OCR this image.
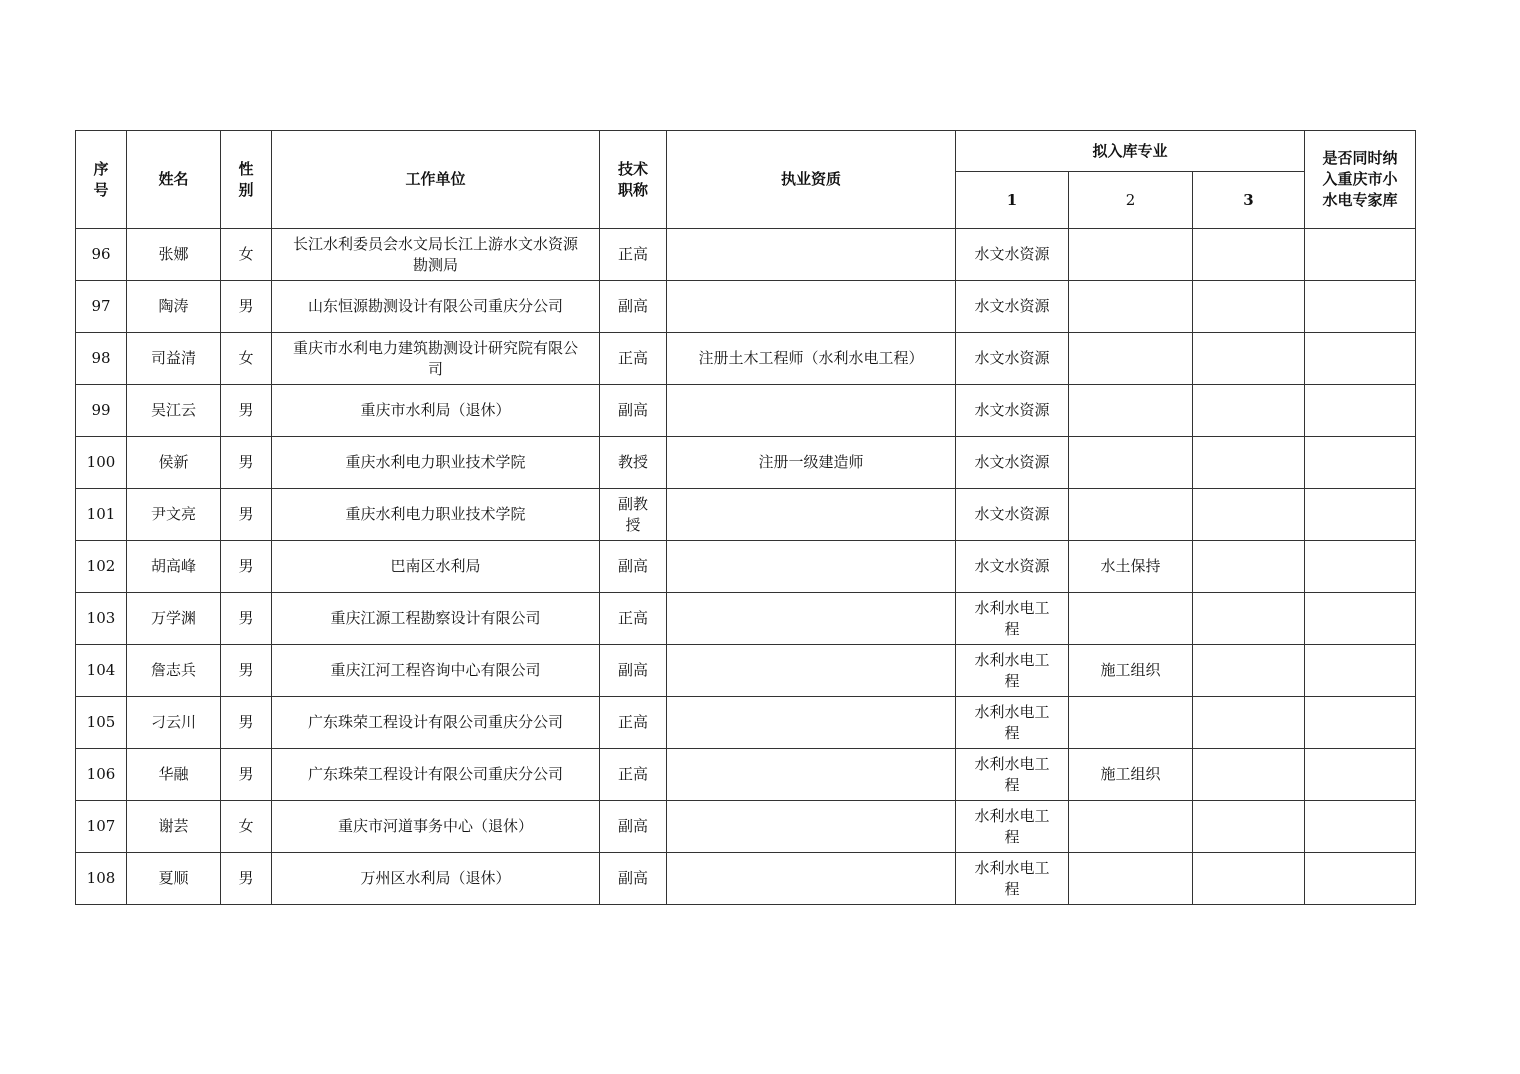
序号	姓名	性别	工作单位	技术职称	执业资质	拟入库专业			是否同时纳入重庆市小水电专家库
						1	2	3	
96	张娜	女	长江水利委员会水文局长江上游水文水资源勘测局	正高		水文水资源			
97	陶涛	男	山东恒源勘测设计有限公司重庆分公司	副高		水文水资源			
98	司益清	女	重庆市水利电力建筑勘测设计研究院有限公司	正高	注册土木工程师（水利水电工程）	水文水资源			
99	吴江云	男	重庆市水利局（退休）	副高		水文水资源			
100	侯新	男	重庆水利电力职业技术学院	教授	注册一级建造师	水文水资源			
101	尹文亮	男	重庆水利电力职业技术学院	副教授		水文水资源			
102	胡高峰	男	巴南区水利局	副高		水文水资源	水土保持		
103	万学渊	男	重庆江源工程勘察设计有限公司	正高		水利水电工程			
104	詹志兵	男	重庆江河工程咨询中心有限公司	副高		水利水电工程	施工组织		
105	刁云川	男	广东珠荣工程设计有限公司重庆分公司	正高		水利水电工程			
106	华融	男	广东珠荣工程设计有限公司重庆分公司	正高		水利水电工程	施工组织		
107	谢芸	女	重庆市河道事务中心（退休）	副高		水利水电工程			
108	夏顺	男	万州区水利局（退休）	副高		水利水电工程			
